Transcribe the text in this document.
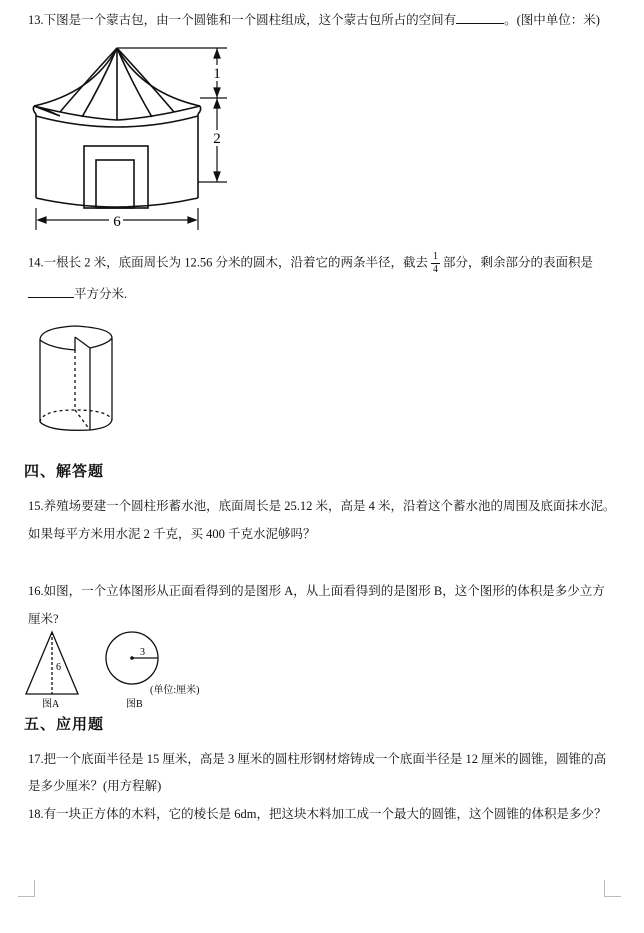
13.下图是一个蒙古包，由一个圆锥和一个圆柱组成，这个蒙古包所占的空间有	。(图中单位：米)
1
2
6
14.一根长 2 米，底面周长为 12.56 分米的圆木，沿着它的两条半径，截去 $\frac{1}{4}$ 部分，剩余部分的表面积是
平方分米.
四、解答题
15.养殖场要建一个圆柱形蓄水池，底面周长是 25.12 米，高是 4 米，沿着这个蓄水池的周围及底面抹水泥。
如果每平方米用水泥 2 千克，买 400 千克水泥够吗？
16.如图，一个立体图形从正面看得到的是图形 A，从上面看得到的是图形 B，这个图形的体积是多少立方
厘米?
6
图A
3
(单位:厘米)
图B
五、应用题
17.把一个底面半径是 15 厘米，高是 3 厘米的圆柱形钢材熔铸成一个底面半径是 12 厘米的圆锥，圆锥的高
是多少厘米？(用方程解)
18.有一块正方体的木料，它的棱长是 6dm，把这块木料加工成一个最大的圆锥，这个圆锥的体积是多少？
